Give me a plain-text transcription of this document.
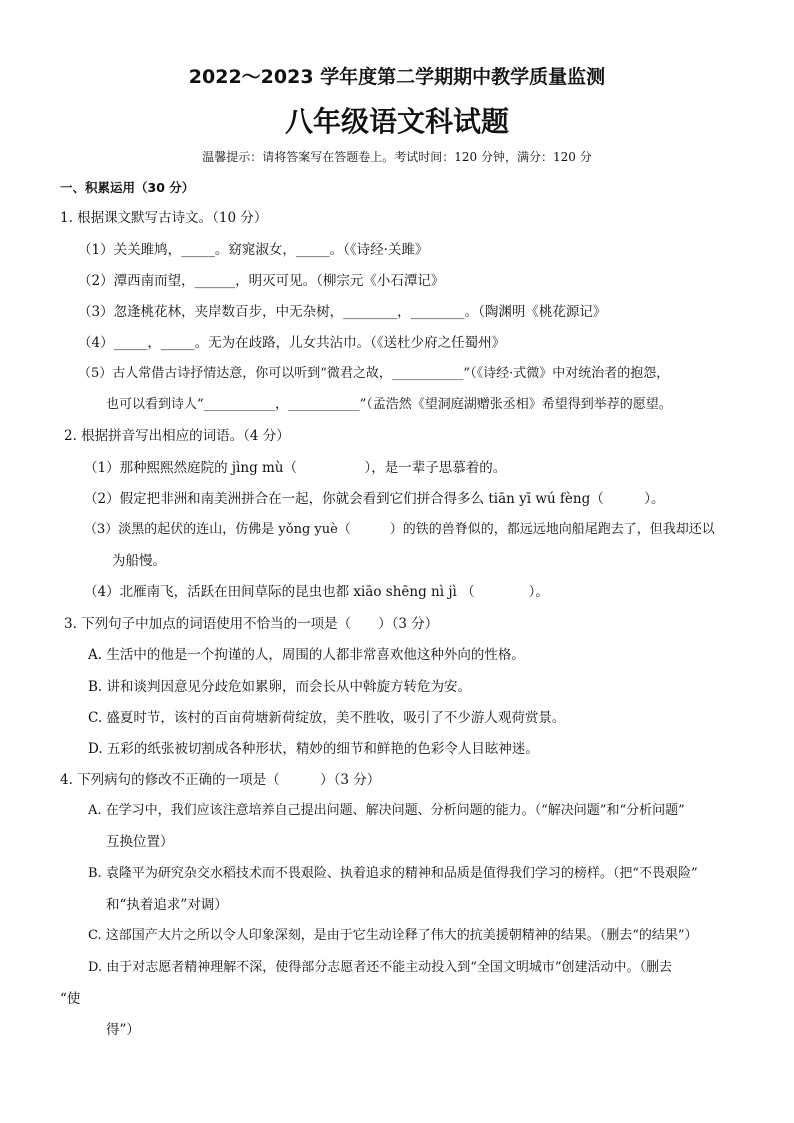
2022～2023 学年度第二学期期中教学质量监测
八年级语文科试题
温馨提示：请将答案写在答题卷上。考试时间：120 分钟，满分：120 分
一、积累运用（30 分）
1. 根据课文默写古诗文。（10 分）
（1）关关雎鸠，_____。窈窕淑女，_____。（《诗经·关雎》
（2）潭西南而望，______，明灭可见。（柳宗元《小石潭记》
（3）忽逢桃花林，夹岸数百步，中无杂树，________，________。（陶渊明《桃花源记》
（4）_____，_____。无为在歧路，儿女共沾巾。（《送杜少府之任蜀州》
（5）古人常借古诗抒情达意，你可以听到“微君之故，___________”（《诗经·式微》中对统治者的抱怨，
也可以看到诗人“___________，___________”（孟浩然《望洞庭湖赠张丞相》希望得到举荐的愿望。
2. 根据拼音写出相应的词语。（4 分）
（1）那种熙熙然庭院的 jìng mù（　　　　　），是一辈子思慕着的。
（2）假定把非洲和南美洲拼合在一起，你就会看到它们拼合得多么 tiān yī wú fèng（　　　）。
（3）淡黑的起伏的连山，仿佛是 yǒng yuè（　　　）的铁的兽脊似的，都远远地向船尾跑去了，但我却还以
为船慢。
（4）北雁南飞，活跃在田间草际的昆虫也都 xiāo shēng nì jì （　　　　）。
3. 下列句子中加点的词语使用不恰当的一项是（　　）（3 分）
A. 生活中的他是一个拘谨的人，周围的人都非常喜欢他这种外向的性格。
B. 讲和谈判因意见分歧危如累卵，而会长从中斡旋方转危为安。
C. 盛夏时节，该村的百亩荷塘新荷绽放，美不胜收，吸引了不少游人观荷赏景。
D. 五彩的纸张被切割成各种形状，精妙的细节和鲜艳的色彩令人目眩神迷。
4. 下列病句的修改不正确的一项是（　　　）（3 分）
A. 在学习中，我们应该注意培养自己提出问题、解决问题、分析问题的能力。（“解决问题”和“分析问题”
互换位置）
B. 袁隆平为研究杂交水稻技术而不畏艰险、执着追求的精神和品质是值得我们学习的榜样。（把“不畏艰险”
和“执着追求”对调）
C. 这部国产大片之所以令人印象深刻，是由于它生动诠释了伟大的抗美援朝精神的结果。（删去“的结果”）
D. 由于对志愿者精神理解不深，使得部分志愿者还不能主动投入到“全国文明城市”创建活动中。（删去
“使
得”）
